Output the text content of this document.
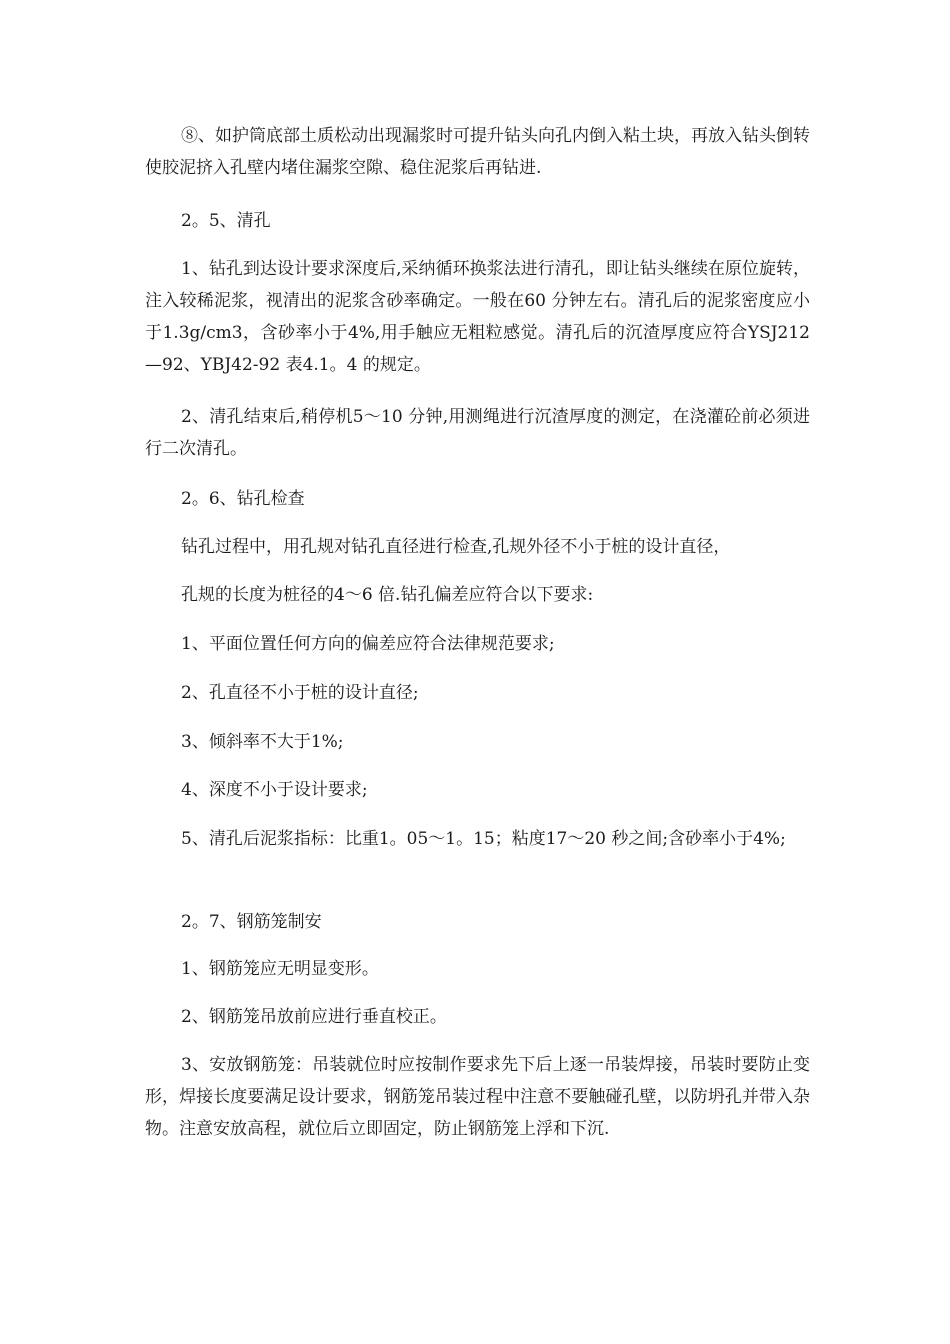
⑧、如护筒底部土质松动出现漏浆时可提升钻头向孔内倒入粘土块，再放入钻头倒转使胶泥挤入孔壁内堵住漏浆空隙、稳住泥浆后再钻进.

2。5、清孔

1、钻孔到达设计要求深度后,采纳循环换浆法进行清孔，即让钻头继续在原位旋转，注入较稀泥浆，视清出的泥浆含砂率确定。一般在60 分钟左右。清孔后的泥浆密度应小于1.3g/cm3，含砂率小于4%,用手触应无粗粒感觉。清孔后的沉渣厚度应符合YSJ212—92、YBJ42-92 表4.1。4 的规定。

2、清孔结束后,稍停机5～10 分钟,用测绳进行沉渣厚度的测定，在浇灌砼前必须进行二次清孔。

2。6、钻孔检查

钻孔过程中，用孔规对钻孔直径进行检查,孔规外径不小于桩的设计直径，

孔规的长度为桩径的4～6 倍.钻孔偏差应符合以下要求:

1、平面位置任何方向的偏差应符合法律规范要求;

2、孔直径不小于桩的设计直径;

3、倾斜率不大于1%;

4、深度不小于设计要求;

5、清孔后泥浆指标：比重1。05～1。15；粘度17～20 秒之间;含砂率小于4%;

2。7、钢筋笼制安

1、钢筋笼应无明显变形。

2、钢筋笼吊放前应进行垂直校正。

3、安放钢筋笼：吊装就位时应按制作要求先下后上逐一吊装焊接，吊装时要防止变形，焊接长度要满足设计要求，钢筋笼吊装过程中注意不要触碰孔壁，以防坍孔并带入杂物。注意安放高程，就位后立即固定，防止钢筋笼上浮和下沉.
